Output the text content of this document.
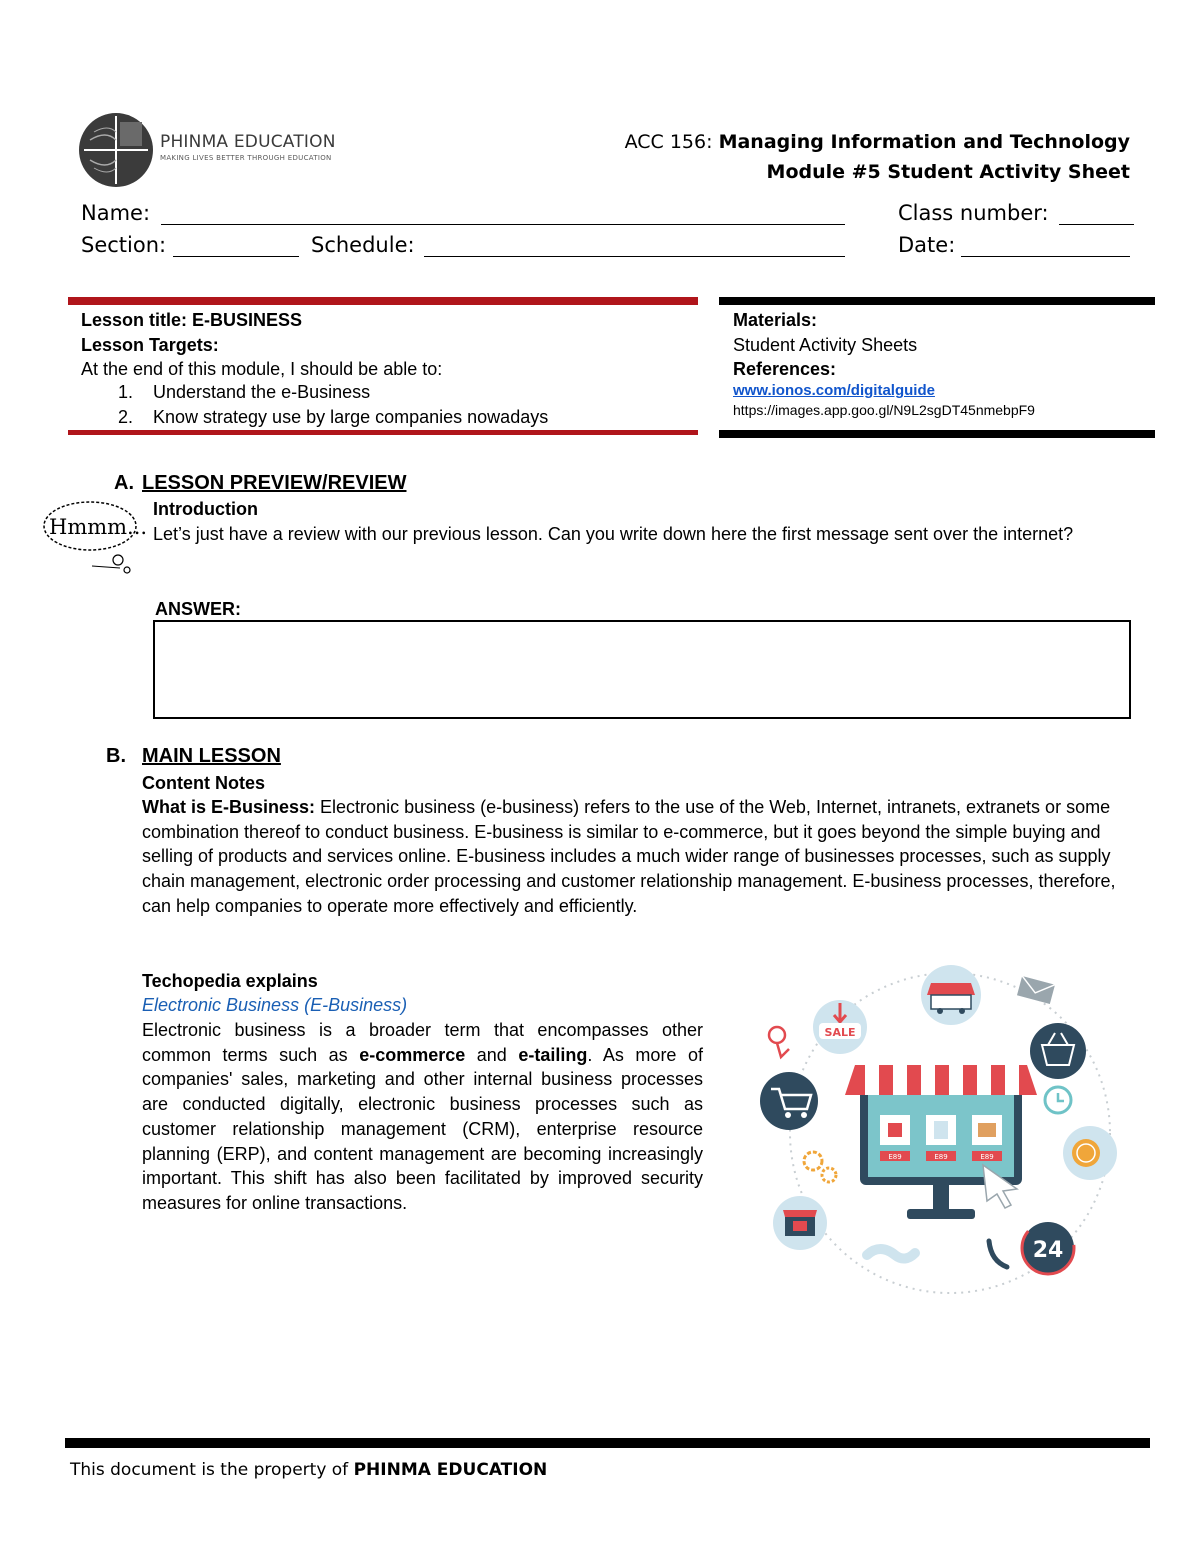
PHINMA EDUCATION
MAKING LIVES BETTER THROUGH EDUCATION
ACC 156: Managing Information and Technology
Module #5 Student Activity Sheet
Name:	Class number:
Section:	Schedule:	Date:
Lesson title: E-BUSINESS
Lesson Targets:
At the end of this module, I should be able to:
1. Understand the e-Business
2. Know strategy use by large companies nowadays
Materials:
Student Activity Sheets
References:
www.ionos.com/digitalguide
https://images.app.goo.gl/N9L2sgDT45nmebpF9
A. LESSON PREVIEW/REVIEW
Hmmm...
Introduction
Let’s just have a review with our previous lesson. Can you write down here the first message sent over the internet?
ANSWER:
B. MAIN LESSON
Content Notes
What is E-Business: Electronic business (e-business) refers to the use of the Web, Internet, intranets, extranets or some combination thereof to conduct business. E-business is similar to e-commerce, but it goes beyond the simple buying and selling of products and services online. E-business includes a much wider range of businesses processes, such as supply chain management, electronic order processing and customer relationship management. E-business processes, therefore, can help companies to operate more effectively and efficiently.
Techopedia explains
Electronic Business (E-Business)
Electronic business is a broader term that encompasses other common terms such as e-commerce and e-tailing. As more of companies' sales, marketing and other internal business processes are conducted digitally, electronic business processes such as customer relationship management (CRM), enterprise resource planning (ERP), and content management are becoming increasingly important. This shift has also been facilitated by improved security measures for online transactions.
E89	E89	E89
SALE
24
This document is the property of PHINMA EDUCATION
